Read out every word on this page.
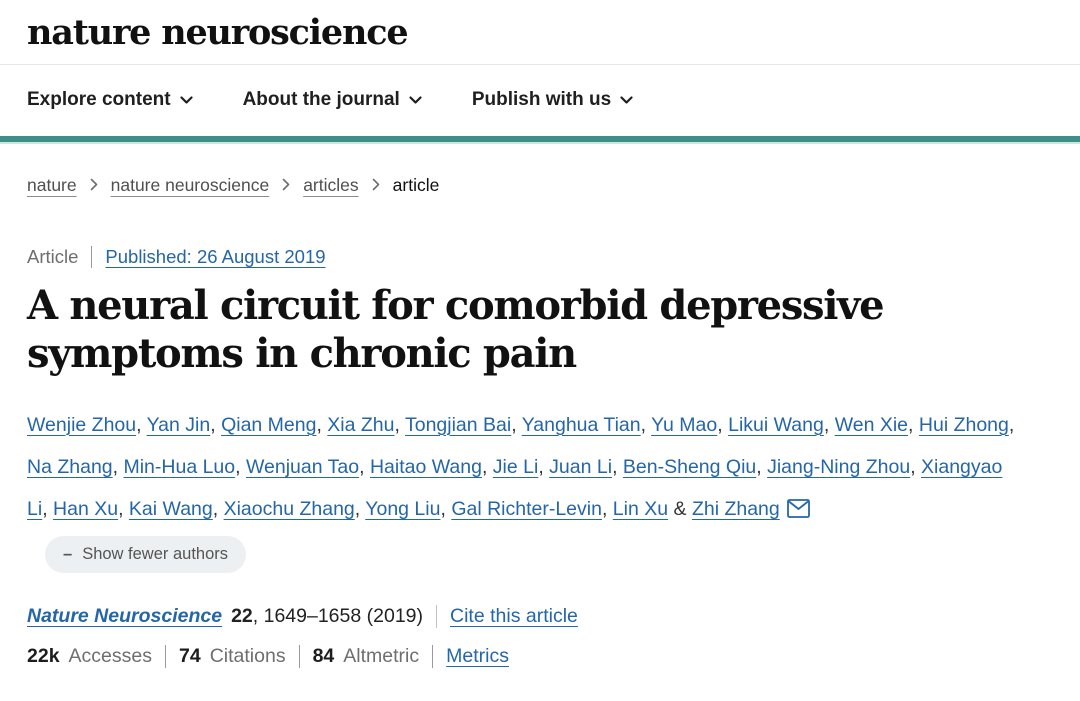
nature neuroscience
Explore content	About the journal	Publish with us
nature nature neuroscience articles article
Article Published: 26 August 2019
A neural circuit for comorbid depressive symptoms in chronic pain

Wenjie Zhou, Yan Jin, Qian Meng, Xia Zhu, Tongjian Bai, Yanghua Tian, Yu Mao, Likui Wang, Wen Xie, Hui Zhong, Na Zhang, Min-Hua Luo, Wenjuan Tao, Haitao Wang, Jie Li, Juan Li, Ben-Sheng Qiu, Jiang-Ning Zhou, Xiangyao Li, Han Xu, Kai Wang, Xiaochu Zhang, Yong Liu, Gal Richter-Levin, Lin Xu & Zhi Zhang
– Show fewer authors

Nature Neuroscience 22 , 1649–1658 (2019) Cite this article
22k Accesses 74 Citations 84 Altmetric Metrics
